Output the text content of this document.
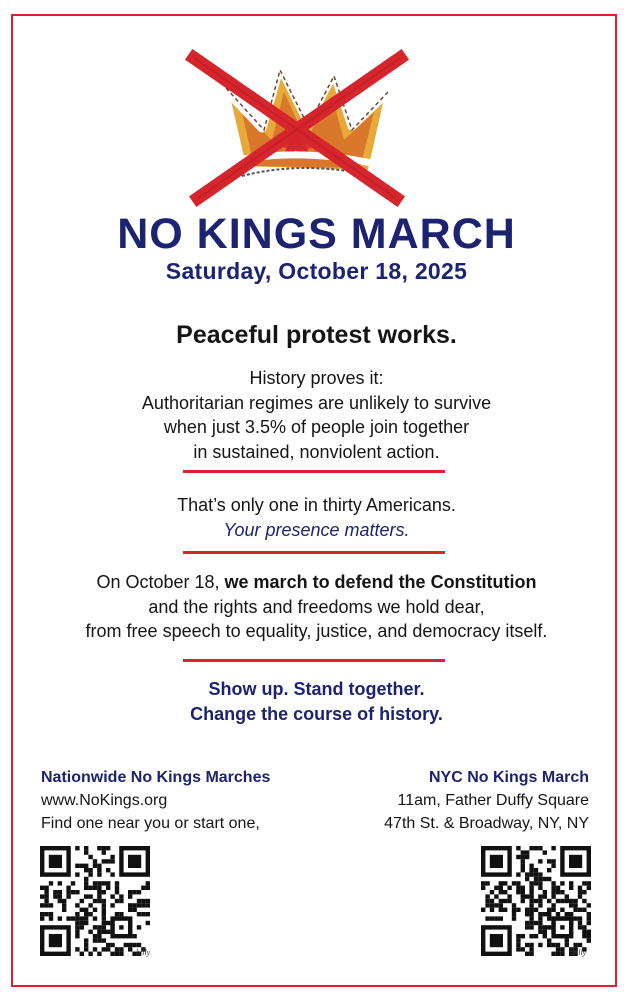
NO KINGS MARCH
Saturday, October 18, 2025
Peaceful protest works.
History proves it:
Authoritarian regimes are unlikely to survive
when just 3.5% of people join together
in sustained, nonviolent action.
That’s only one in thirty Americans.
Your presence matters.
On October 18, we march to defend the Constitution
and the rights and freedoms we hold dear,
from free speech to equality, justice, and democracy itself.
Show up. Stand together.
Change the course of history.
Nationwide No Kings Marches
www.NoKings.org
Find one near you or start one,
NYC No Kings March
11am, Father Duffy Square
47th St. & Broadway, NY, NY
billy	billy
